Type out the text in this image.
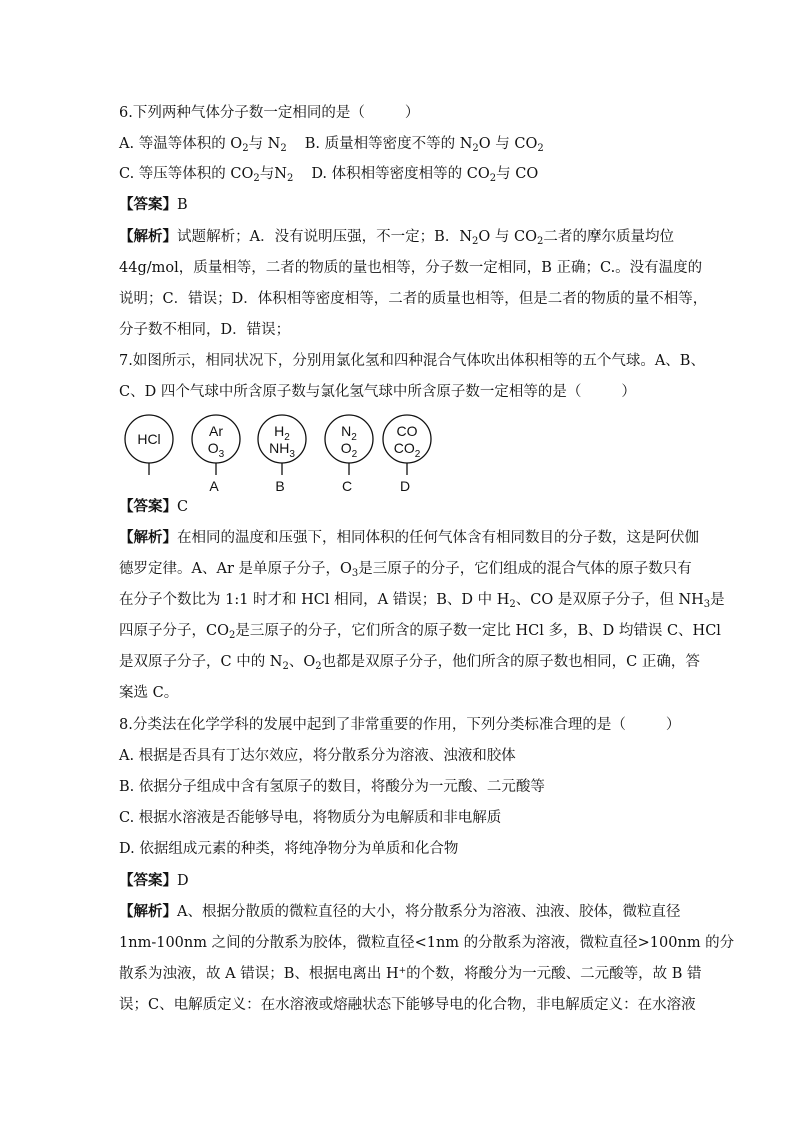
6.下列两种气体分子数一定相同的是（	）
A. 等温等体积的 $O_2$与 $N_2$ B. 质量相等密度不等的 $N_2O$ 与 $CO_2$
C. 等压等体积的 $CO_2$与$N_2$ D. 体积相等密度相等的 $CO_2$与 CO
【答案】B
【解析】试题解析；A．没有说明压强，不一定；B．$N_2O$ 与 $CO_2$二者的摩尔质量均位
44g/mol，质量相等，二者的物质的量也相等，分子数一定相同，B 正确；C.。没有温度的
说明；C．错误；D．体积相等密度相等，二者的质量也相等，但是二者的物质的量不相等，
分子数不相同，D．错误；
7.如图所示，相同状况下，分别用氯化氢和四种混合气体吹出体积相等的五个气球。A、B、
C、D 四个气球中所含原子数与氯化氢气球中所含原子数一定相等的是（	）
HCl	Ar
$O_3$
A
$H_2$
$NH_3$
B
$N_2$
$O_2$
C
CO
$CO_2$
D
【答案】C
【解析】在相同的温度和压强下，相同体积的任何气体含有相同数目的分子数，这是阿伏伽
德罗定律。A、Ar 是单原子分子，$O_3$是三原子的分子，它们组成的混合气体的原子数只有
在分子个数比为 1:1 时才和 HCl 相同，A 错误；B、D 中 $H_2$、CO 是双原子分子，但 $NH_3$是
四原子分子，$CO_2$是三原子的分子，它们所含的原子数一定比 HCl 多，B、D 均错误 C、HCl
是双原子分子，C 中的 $N_2$、$O_2$也都是双原子分子，他们所含的原子数也相同，C 正确，答
案选 C。
8.分类法在化学学科的发展中起到了非常重要的作用，下列分类标准合理的是（	）
A. 根据是否具有丁达尔效应，将分散系分为溶液、浊液和胶体
B. 依据分子组成中含有氢原子的数目，将酸分为一元酸、二元酸等
C. 根据水溶液是否能够导电，将物质分为电解质和非电解质
D. 依据组成元素的种类，将纯净物分为单质和化合物
【答案】D
【解析】A、根据分散质的微粒直径的大小，将分散系分为溶液、浊液、胶体，微粒直径
1nm-100nm 之间的分散系为胶体，微粒直径<1nm 的分散系为溶液，微粒直径>100nm 的分
散系为浊液，故 A 错误；B、根据电离出 H+的个数，将酸分为一元酸、二元酸等，故 B 错
误；C、电解质定义：在水溶液或熔融状态下能够导电的化合物，非电解质定义：在水溶液
